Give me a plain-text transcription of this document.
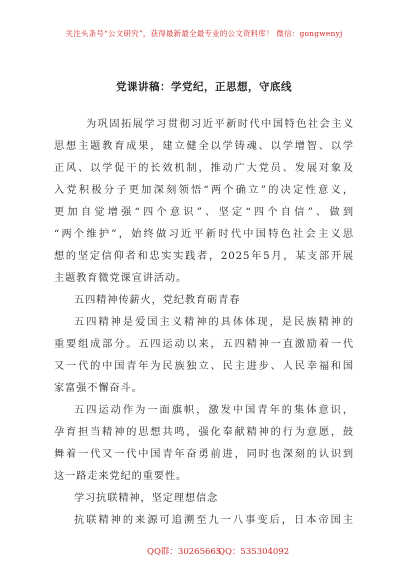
关注头条号“公文研究”，获得最新最全最专业的公文资料库！ 微信：gongwenyj
党课讲稿：学党纪，正思想，守底线
为巩固拓展学习贯彻习近平新时代中国特色社会主义
思想主题教育成果，建立健全以学铸魂、以学增智、以学
正风、以学促干的长效机制，推动广大党员、发展对象及
入党积极分子更加深刻领悟“两个确立”的决定性意义，
更加自觉增强“四个意识”、坚定“四个自信”、做到
“两个维护”，始终做习近平新时代中国特色社会主义思
想的坚定信仰者和忠实实践者，2025年5月，某支部开展
主题教育微党课宣讲活动。
五四精神传薪火，党纪教育砺青春
五四精神是爱国主义精神的具体体现，是民族精神的
重要组成部分。五四运动以来，五四精神一直激励着一代
又一代的中国青年为民族独立、民主进步、人民幸福和国
家富强不懈奋斗。
五四运动作为一面旗帜，激发中国青年的集体意识，
孕育担当精神的思想共鸣，强化奉献精神的行为意愿，鼓
舞着一代又一代中国青年奋勇前进，同时也深刻的认识到
这一路走来党纪的重要性。
学习抗联精神，坚定理想信念
抗联精神的来源可追溯至九一八事变后，日本帝国主
QQ群：30265665
QQ：535304092
